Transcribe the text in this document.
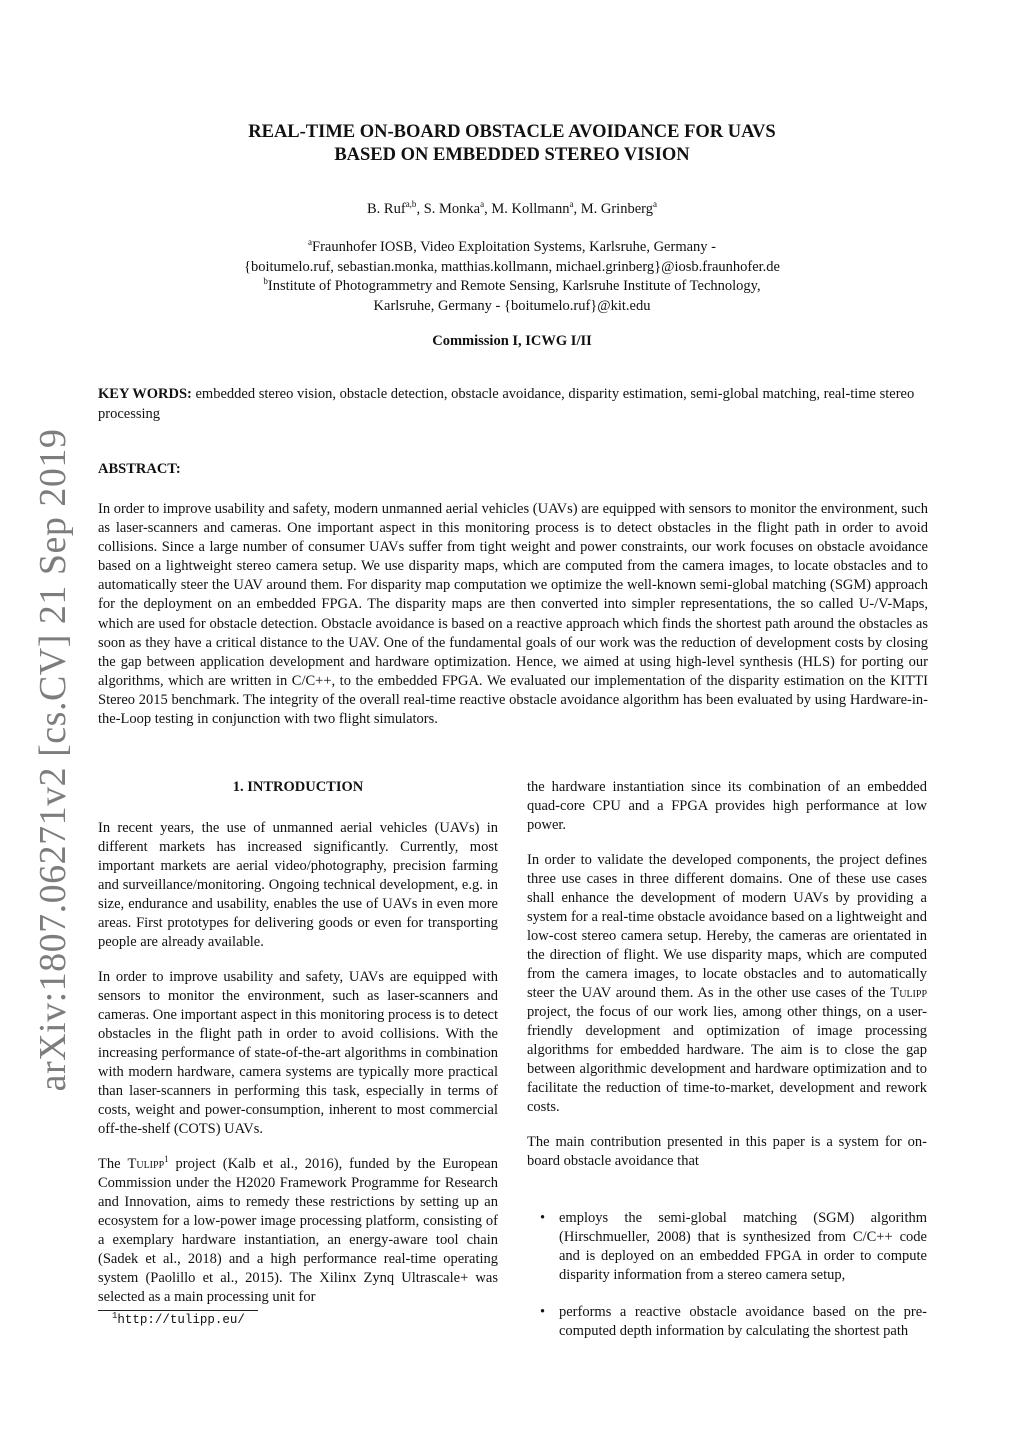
arXiv:1807.06271v2 [cs.CV] 21 Sep 2019
REAL-TIME ON-BOARD OBSTACLE AVOIDANCE FOR UAVS
BASED ON EMBEDDED STEREO VISION
B. Ruf$^{a,b}$, S. Monka$^a$, M. Kollmann$^a$, M. Grinberg$^a$
$^a$Fraunhofer IOSB, Video Exploitation Systems, Karlsruhe, Germany -
{boitumelo.ruf, sebastian.monka, matthias.kollmann, michael.grinberg}@iosb.fraunhofer.de
$^b$Institute of Photogrammetry and Remote Sensing, Karlsruhe Institute of Technology,
Karlsruhe, Germany - {boitumelo.ruf}@kit.edu
Commission I, ICWG I/II
KEY WORDS: embedded stereo vision, obstacle detection, obstacle avoidance, disparity estimation, semi-global matching, real-time stereo processing
ABSTRACT:
In order to improve usability and safety, modern unmanned aerial vehicles (UAVs) are equipped with sensors to monitor the environment, such as laser-scanners and cameras. One important aspect in this monitoring process is to detect obstacles in the flight path in order to avoid collisions. Since a large number of consumer UAVs suffer from tight weight and power constraints, our work focuses on obstacle avoidance based on a lightweight stereo camera setup. We use disparity maps, which are computed from the camera images, to locate obstacles and to automatically steer the UAV around them. For disparity map computation we optimize the well-known semi-global matching (SGM) approach for the deployment on an embedded FPGA. The disparity maps are then converted into simpler representations, the so called U-/V-Maps, which are used for obstacle detection. Obstacle avoidance is based on a reactive approach which finds the shortest path around the obstacles as soon as they have a critical distance to the UAV. One of the fundamental goals of our work was the reduction of development costs by closing the gap between application development and hardware optimization. Hence, we aimed at using high-level synthesis (HLS) for porting our algorithms, which are written in C/C++, to the embedded FPGA. We evaluated our implementation of the disparity estimation on the KITTI Stereo 2015 benchmark. The integrity of the overall real-time reactive obstacle avoidance algorithm has been evaluated by using Hardware-in-the-Loop testing in conjunction with two flight simulators.
1. INTRODUCTION

In recent years, the use of unmanned aerial vehicles (UAVs) in different markets has increased significantly. Currently, most important markets are aerial video/photography, precision farming and surveillance/monitoring. Ongoing technical development, e.g. in size, endurance and usability, enables the use of UAVs in even more areas. First prototypes for delivering goods or even for transporting people are already available.

In order to improve usability and safety, UAVs are equipped with sensors to monitor the environment, such as laser-scanners and cameras. One important aspect in this monitoring process is to detect obstacles in the flight path in order to avoid collisions. With the increasing performance of state-of-the-art algorithms in combination with modern hardware, camera systems are typically more practical than laser-scanners in performing this task, especially in terms of costs, weight and power-consumption, inherent to most commercial off-the-shelf (COTS) UAVs.

The Tulipp$^1$ project (Kalb et al., 2016), funded by the European Commission under the H2020 Framework Programme for Research and Innovation, aims to remedy these restrictions by setting up an ecosystem for a low-power image processing platform, consisting of a exemplary hardware instantiation, an energy-aware tool chain (Sadek et al., 2018) and a high performance real-time operating system (Paolillo et al., 2015). The Xilinx Zynq Ultrascale+ was selected as a main processing unit for

the hardware instantiation since its combination of an embedded quad-core CPU and a FPGA provides high performance at low power.

In order to validate the developed components, the project defines three use cases in three different domains. One of these use cases shall enhance the development of modern UAVs by providing a system for a real-time obstacle avoidance based on a lightweight and low-cost stereo camera setup. Hereby, the cameras are orientated in the direction of flight. We use disparity maps, which are computed from the camera images, to locate obstacles and to automatically steer the UAV around them. As in the other use cases of the Tulipp project, the focus of our work lies, among other things, on a user-friendly development and optimization of image processing algorithms for embedded hardware. The aim is to close the gap between algorithmic development and hardware optimization and to facilitate the reduction of time-to-market, development and rework costs.

The main contribution presented in this paper is a system for on-board obstacle avoidance that

• employs the semi-global matching (SGM) algorithm (Hirschmueller, 2008) that is synthesized from C/C++ code and is deployed on an embedded FPGA in order to compute disparity information from a stereo camera setup,
• performs a reactive obstacle avoidance based on the pre-computed depth information by calculating the shortest path
$^1$http://tulipp.eu/
